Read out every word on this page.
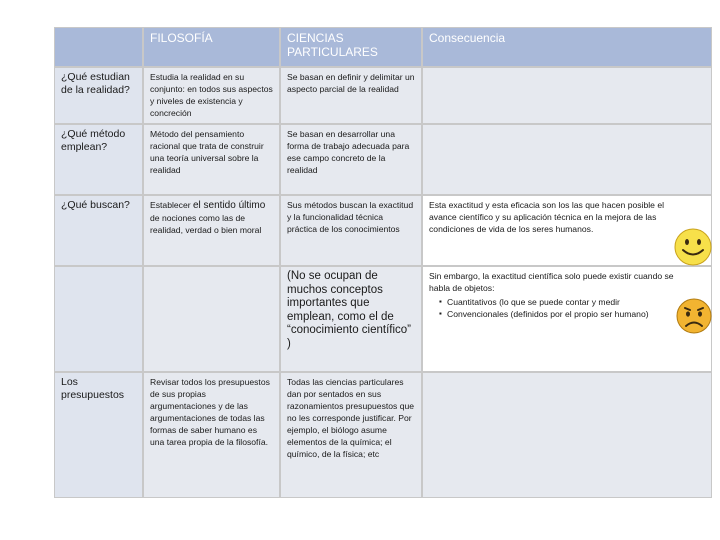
FILOSOFÍA	CIENCIAS PARTICULARES
Consecuencia
¿Qué estudian de la realidad?
Estudia la realidad en su conjunto: en todos sus aspectos y niveles de existencia y concreción
Se basan en definir y delimitar un aspecto parcial de la realidad
¿Qué método emplean?
Método del pensamiento racional que trata de construir una teoría universal sobre la realidad
Se basan en desarrollar una forma de trabajo adecuada para ese campo concreto de la realidad
¿Qué buscan?	Establecer el sentido último de nociones como las de realidad, verdad o bien moral
Sus métodos buscan la exactitud y la funcionalidad técnica práctica de los conocimientos
Esta exactitud y esta eficacia son los las que hacen posible el avance científico y su aplicación técnica en la mejora de las condiciones de vida de los seres humanos.
(No se ocupan de muchos conceptos importantes que emplean, como el de “conocimiento científico” )
Sin embargo, la exactitud científica solo puede existir cuando se habla de objetos:
▪ Cuantitativos (lo que se puede contar y medir
▪ Convencionales (definidos por el propio ser humano)
Los presupuestos
Revisar todos los presupuestos de sus propias argumentaciones y de las argumentaciones de todas las formas de saber humano es una tarea propia de la filosofía.
Todas las ciencias particulares dan por sentados en sus razonamientos presupuestos que no les corresponde justificar. Por ejemplo, el biólogo asume elementos de la química; el químico, de la física; etc
